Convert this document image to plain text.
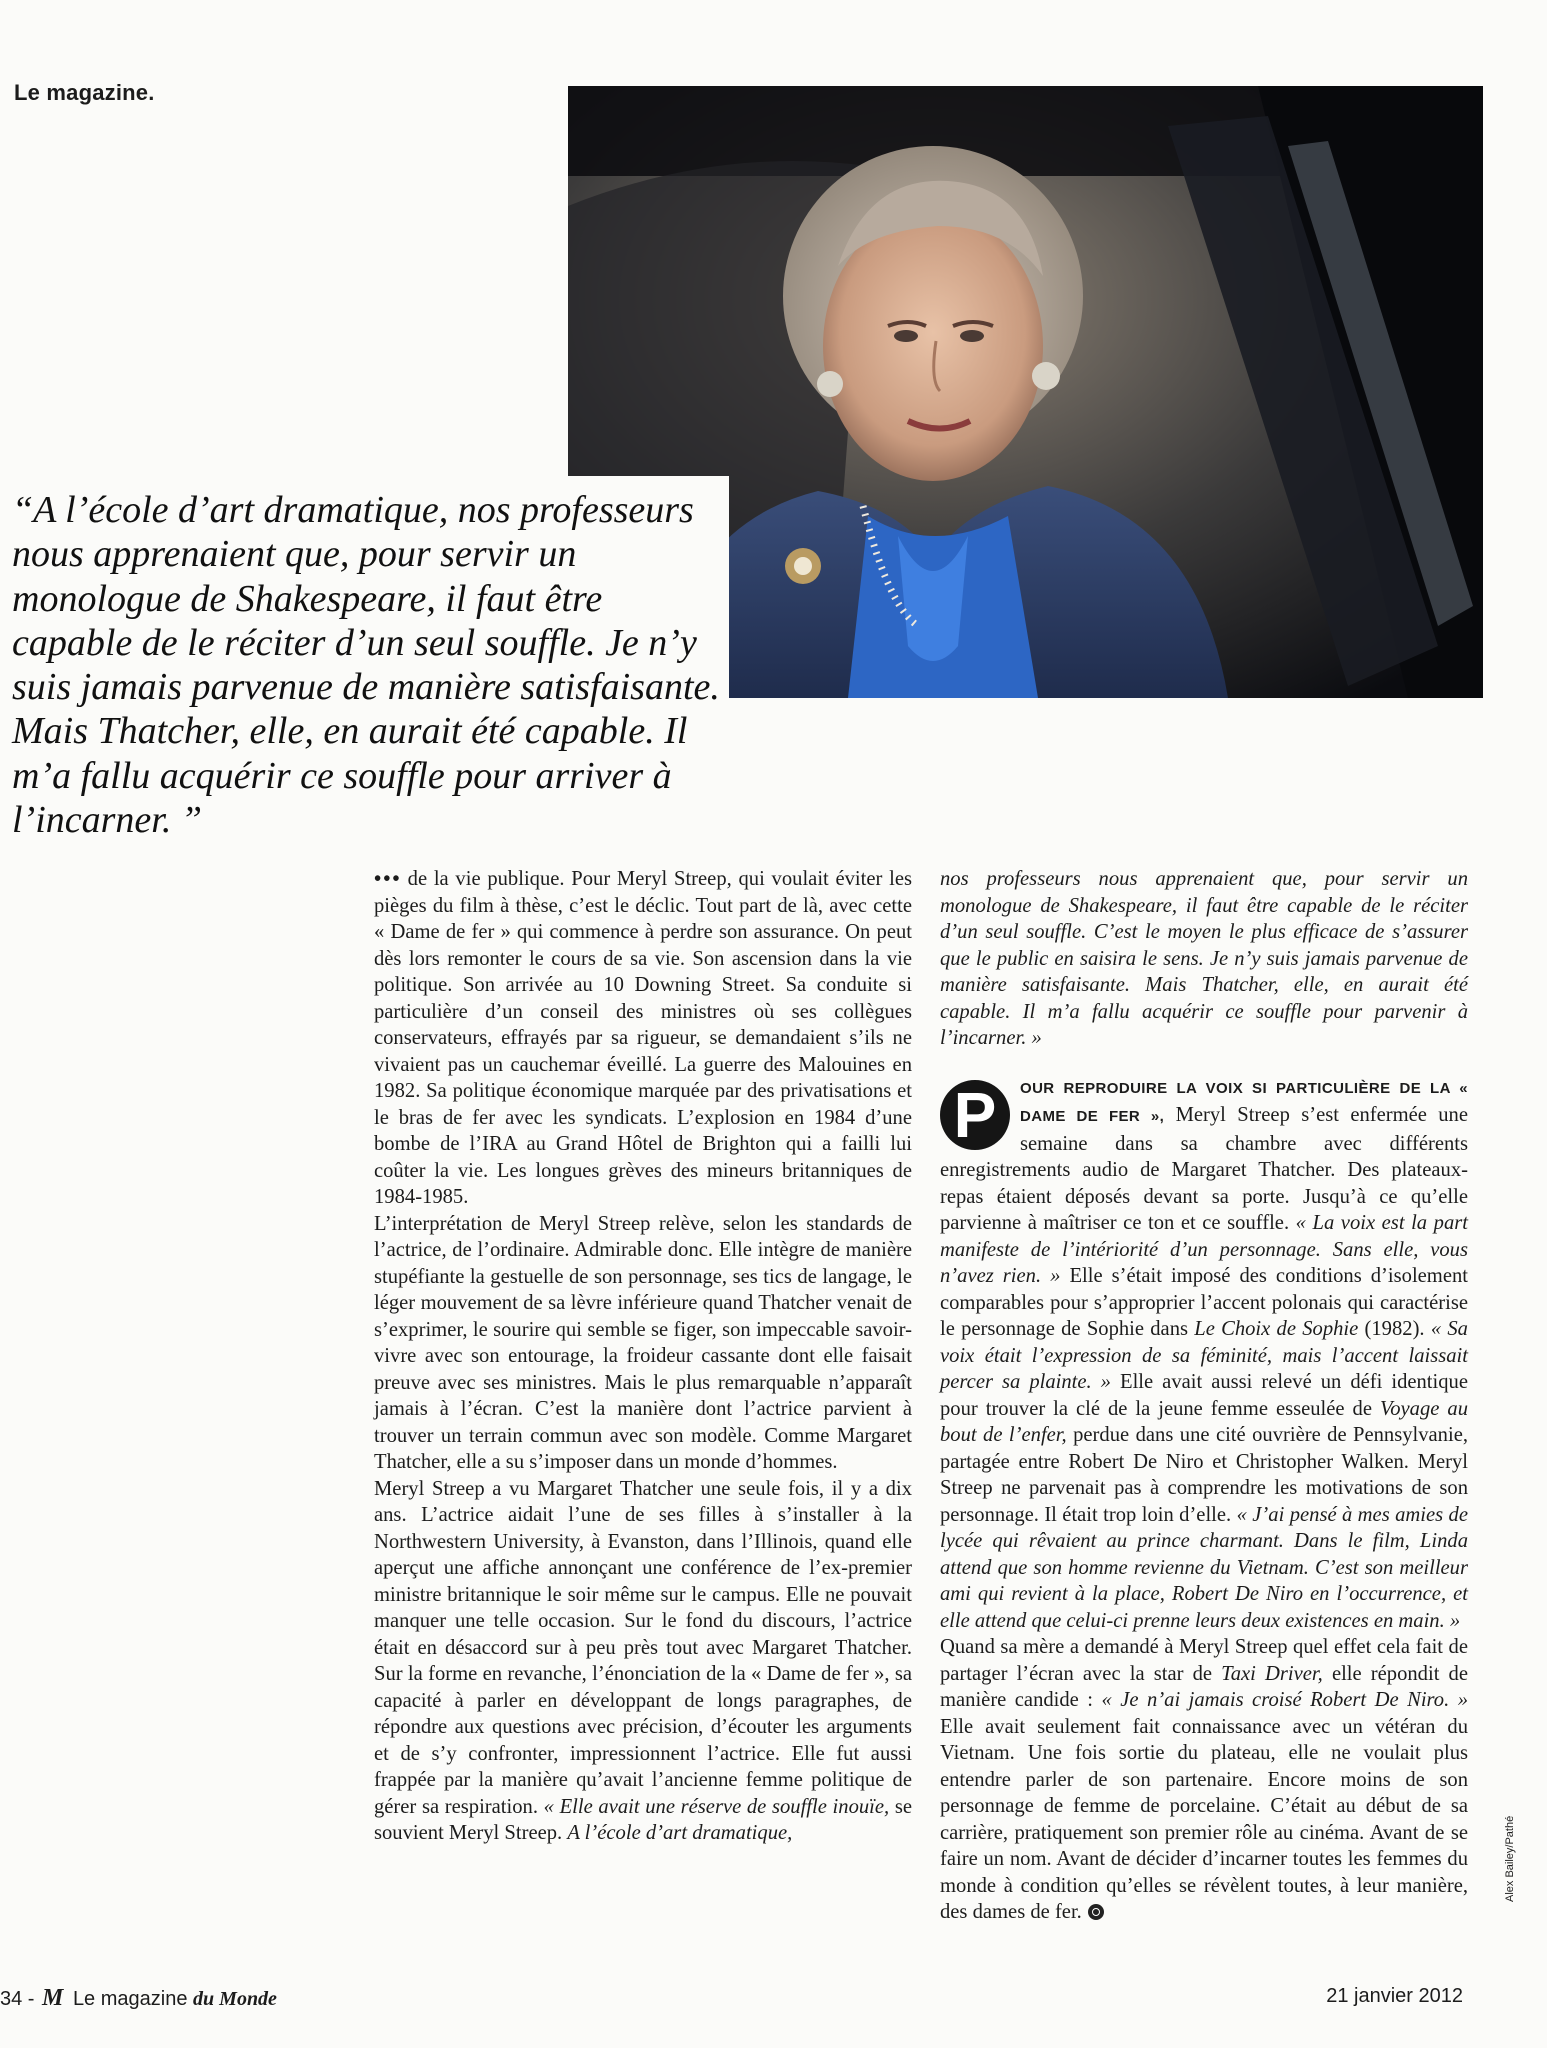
Le magazine.
“A l’école d’art dramatique, nos professeurs nous apprenaient que, pour servir un monologue de Shakespeare, il faut être capable de le réciter d’un seul souffle. Je n’y suis jamais parvenue de manière satisfaisante. Mais Thatcher, elle, en aurait été capable. Il m’a fallu acquérir ce souffle pour arriver à l’incarner. ”

••• de la vie publique. Pour Meryl Streep, qui voulait éviter les pièges du film à thèse, c’est le déclic. Tout part de là, avec cette « Dame de fer » qui commence à perdre son assurance. On peut dès lors remonter le cours de sa vie. Son ascension dans la vie politique. Son arrivée au 10 Downing Street. Sa conduite si particulière d’un conseil des ministres où ses collègues conservateurs, effrayés par sa rigueur, se demandaient s’ils ne vivaient pas un cauchemar éveillé. La guerre des Malouines en 1982. Sa politique économique marquée par des privatisations et le bras de fer avec les syndicats. L’explosion en 1984 d’une bombe de l’IRA au Grand Hôtel de Brighton qui a failli lui coûter la vie. Les longues grèves des mineurs britanniques de 1984-1985.

L’interprétation de Meryl Streep relève, selon les standards de l’actrice, de l’ordinaire. Admirable donc. Elle intègre de manière stupéfiante la gestuelle de son personnage, ses tics de langage, le léger mouvement de sa lèvre inférieure quand Thatcher venait de s’exprimer, le sourire qui semble se figer, son impeccable savoir-vivre avec son entourage, la froideur cassante dont elle faisait preuve avec ses ministres. Mais le plus remarquable n’apparaît jamais à l’écran. C’est la manière dont l’actrice parvient à trouver un terrain commun avec son modèle. Comme Margaret Thatcher, elle a su s’imposer dans un monde d’hommes.

Meryl Streep a vu Margaret Thatcher une seule fois, il y a dix ans. L’actrice aidait l’une de ses filles à s’installer à la Northwestern University, à Evanston, dans l’Illinois, quand elle aperçut une affiche annonçant une conférence de l’ex-premier ministre britannique le soir même sur le campus. Elle ne pouvait manquer une telle occasion. Sur le fond du discours, l’actrice était en désaccord sur à peu près tout avec Margaret Thatcher. Sur la forme en revanche, l’énonciation de la « Dame de fer », sa capacité à parler en développant de longs paragraphes, de répondre aux questions avec précision, d’écouter les arguments et de s’y confronter, impressionnent l’actrice. Elle fut aussi frappée par la manière qu’avait l’ancienne femme politique de gérer sa respiration. « Elle avait une réserve de souffle inouïe, se souvient Meryl Streep. A l’école d’art dramatique,

nos professeurs nous apprenaient que, pour servir un monologue de Shakespeare, il faut être capable de le réciter d’un seul souffle. C’est le moyen le plus efficace de s’assurer que le public en saisira le sens. Je n’y suis jamais parvenue de manière satisfaisante. Mais Thatcher, elle, en aurait été capable. Il m’a fallu acquérir ce souffle pour parvenir à l’incarner. »

P	OUR REPRODUIRE LA VOIX SI PARTICULIÈRE DE LA « DAME DE FER », Meryl Streep s’est enfermée une semaine dans sa chambre avec différents enregistrements audio de Margaret Thatcher. Des plateaux-repas étaient déposés devant sa porte. Jusqu’à ce qu’elle parvienne à maîtriser ce ton et ce souffle. « La voix est la part manifeste de l’intériorité d’un personnage. Sans elle, vous n’avez rien. » Elle s’était imposé des conditions d’isolement comparables pour s’approprier l’accent polonais qui caractérise le personnage de Sophie dans Le Choix de Sophie (1982). « Sa voix était l’expression de sa féminité, mais l’accent laissait percer sa plainte. » Elle avait aussi relevé un défi identique pour trouver la clé de la jeune femme esseulée de Voyage au bout de l’enfer, perdue dans une cité ouvrière de Pennsylvanie, partagée entre Robert De Niro et Christopher Walken. Meryl Streep ne parvenait pas à comprendre les motivations de son personnage. Il était trop loin d’elle. « J’ai pensé à mes amies de lycée qui rêvaient au prince charmant. Dans le film, Linda attend que son homme revienne du Vietnam. C’est son meilleur ami qui revient à la place, Robert De Niro en l’occurrence, et elle attend que celui-ci prenne leurs deux existences en main. »

Quand sa mère a demandé à Meryl Streep quel effet cela fait de partager l’écran avec la star de Taxi Driver, elle répondit de manière candide : « Je n’ai jamais croisé Robert De Niro. » Elle avait seulement fait connaissance avec un vétéran du Vietnam. Une fois sortie du plateau, elle ne voulait plus entendre parler de son partenaire. Encore moins de son personnage de femme de porcelaine. C’était au début de sa carrière, pratiquement son premier rôle au cinéma. Avant de se faire un nom. Avant de décider d’incarner toutes les femmes du monde à condition qu’elles se révèlent toutes, à leur manière, des dames de fer.

Alex Bailey/Pathé
34 - M Le magazine du Monde	21 janvier 2012
